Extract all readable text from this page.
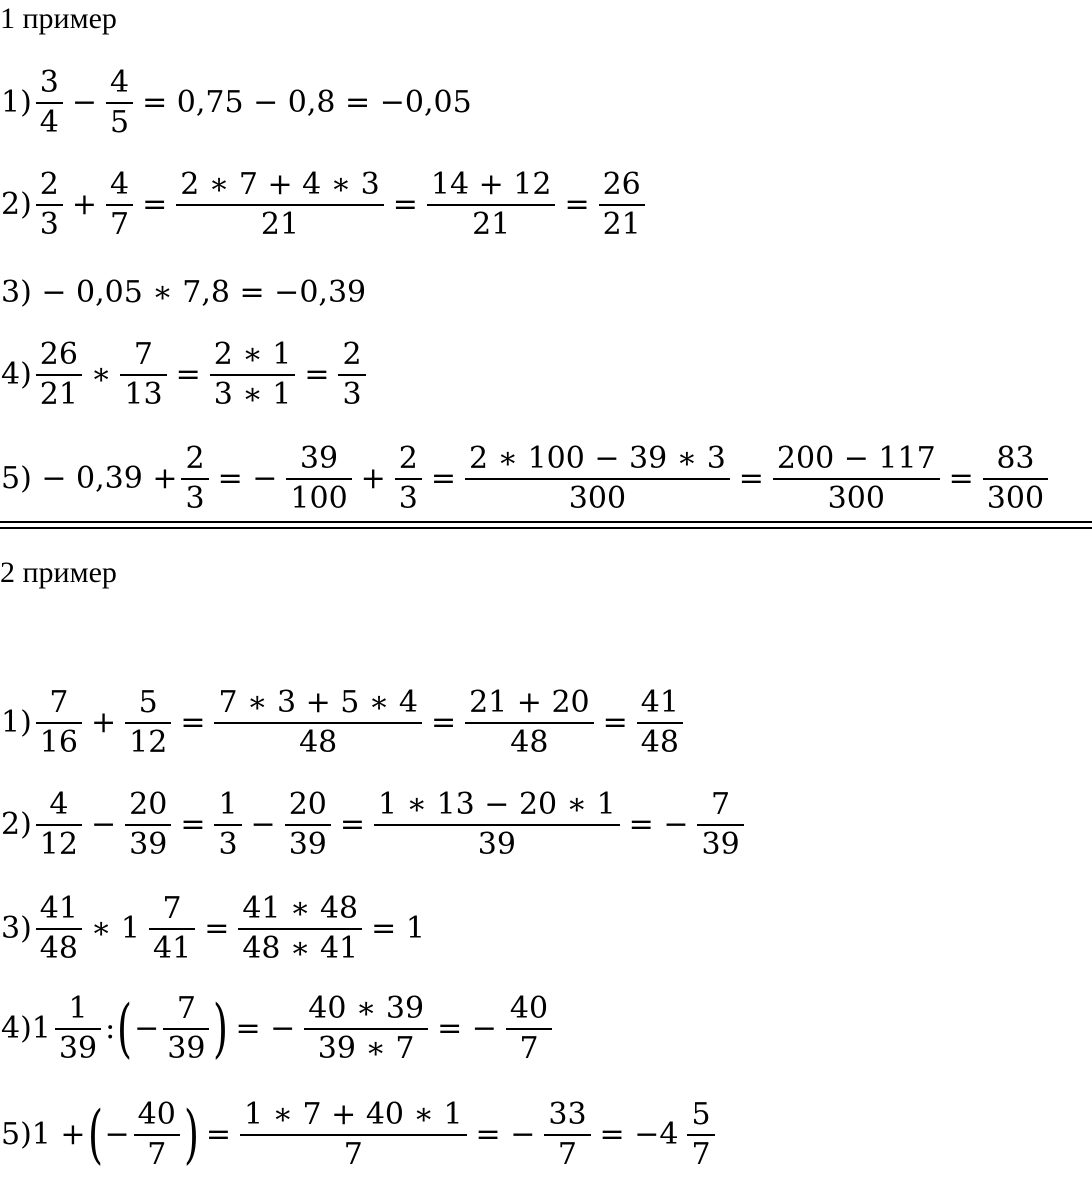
1 пример
$1) \frac{3}{4} - \frac{4}{5} = 0,75 - 0,8 = -0,05$
$2) \frac{2}{3} + \frac{4}{7} = \frac{2 ∗ 7 + 4 ∗ 3}{21} = \frac{14 + 12}{21} = \frac{26}{21}$
3) − 0,05 ∗ 7,8 = −0,39
$4) \frac{26}{21}$ ∗ $\frac{7}{13} = \frac{2 ∗ 1}{3 ∗ 1} = \frac{2}{3}$
$5) - 0,39 + \frac{2}{3}$ = − $\frac{39}{100} + \frac{2}{3} = \frac{2 ∗ 100 - 39 ∗ 3}{300} = \frac{200 - 117}{300} = \frac{83}{300}$
2 пример
$1) \frac{7}{16} + \frac{5}{12} = \frac{7 ∗ 3 + 5 ∗ 4}{48} = \frac{21 + 20}{48} = \frac{41}{48}$
$2) \frac{4}{12} - \frac{20}{39} = \frac{1}{3} - \frac{20}{39} = \frac{1 ∗ 13 - 20 ∗ 1}{39}$ = − $\frac{7}{39}$
$3) \frac{41}{48}$ ∗ $1 \frac{7}{41} = \frac{41 ∗ 48}{48 ∗ 41} = 1$
$4)1 \frac{1}{39}$ : ( − $\frac{7}{39}$ ) = − $\frac{40 ∗ 39}{39 ∗ 7}$ = − $\frac{40}{7}$
5)1 + ( − $\frac{40}{7}$ ) = $\frac{1 ∗ 7 + 40 ∗ 1}{7}$ = − $\frac{33}{7} = -4 \frac{5}{7}$
